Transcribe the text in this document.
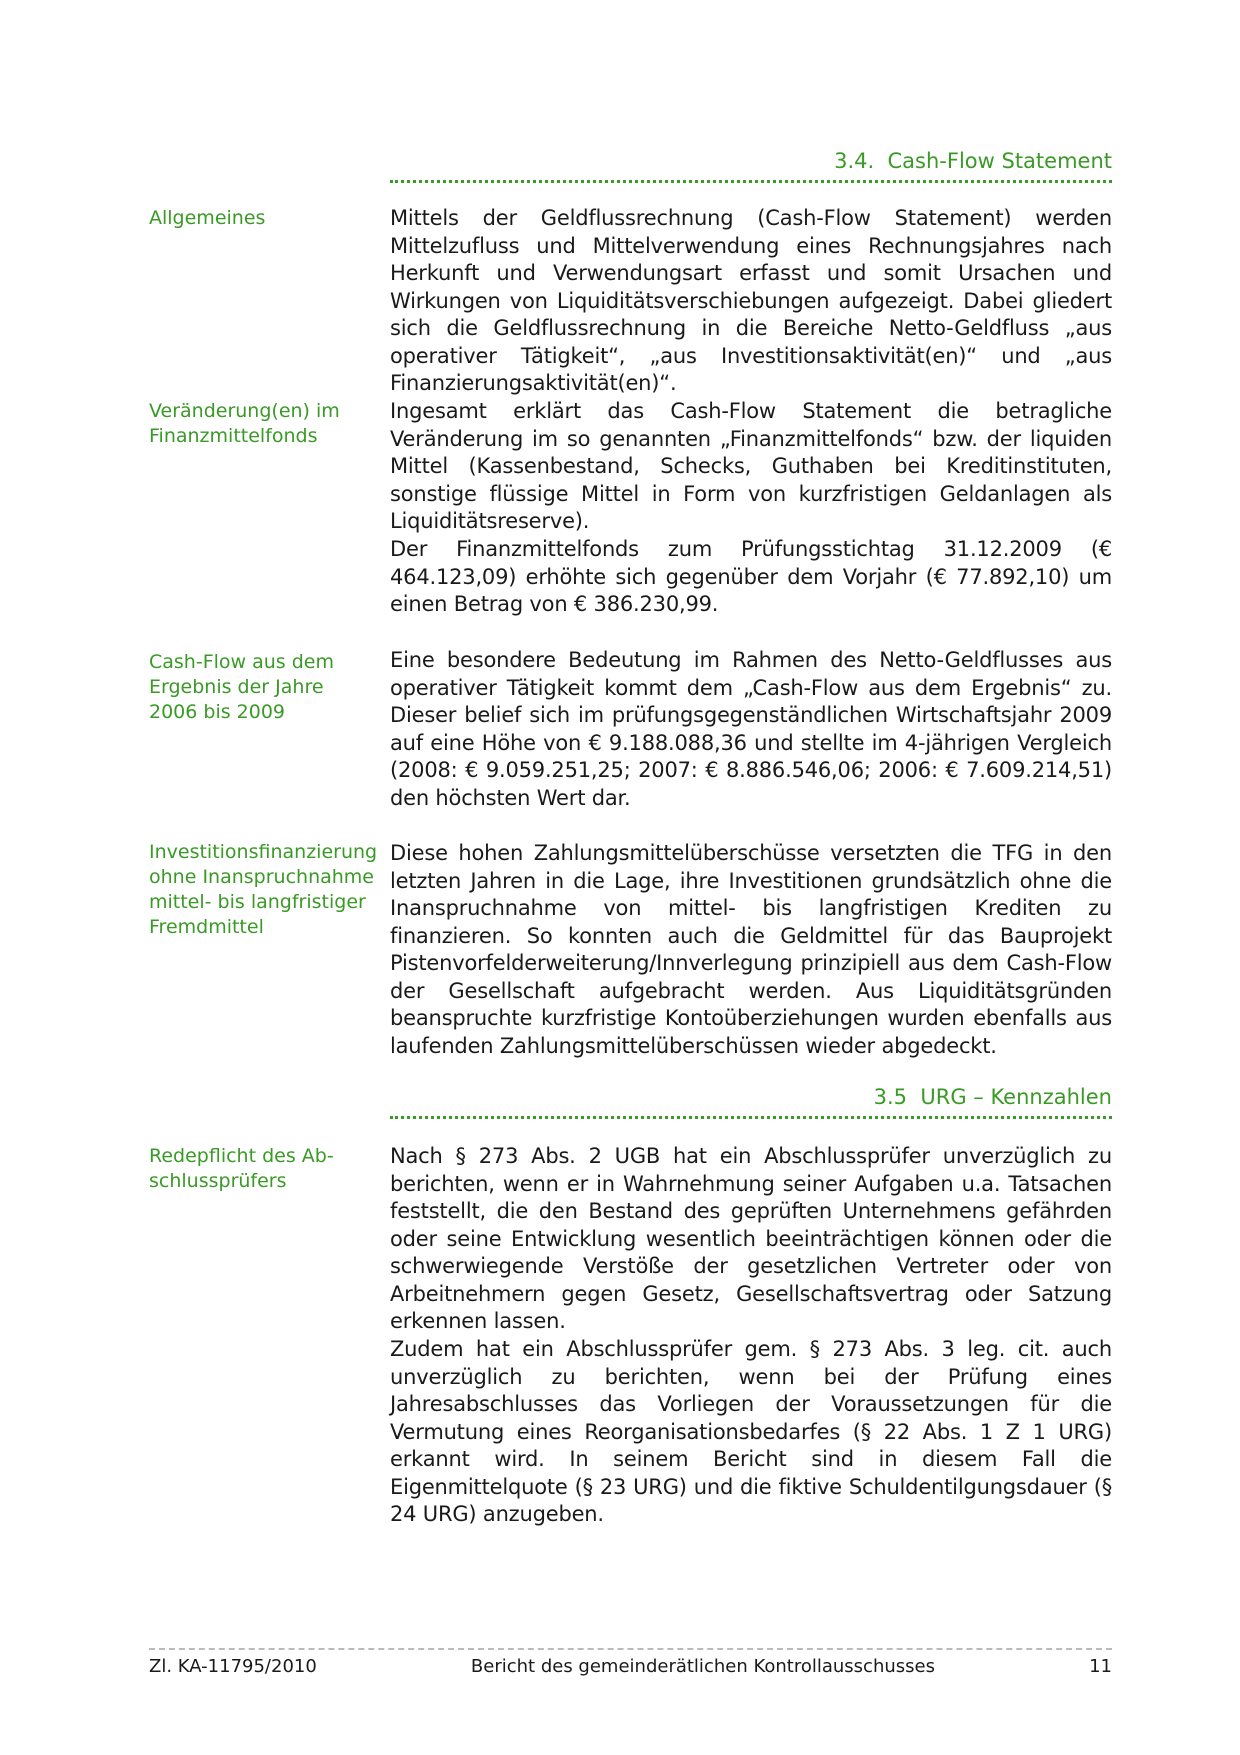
3.4. Cash-Flow Statement
Allgemeines	Mittels der Geldflussrechnung (Cash-Flow Statement) werden Mittelzufluss und Mittelverwendung eines Rechnungsjahres nach Herkunft und Verwendungsart erfasst und somit Ursachen und Wirkungen von Liquiditätsverschiebungen aufgezeigt. Dabei gliedert sich die Geldflussrechnung in die Bereiche Netto-Geldfluss „aus operativer Tätigkeit“, „aus Investitionsaktivität(en)“ und „aus Finanzierungsaktivität(en)“.

Veränderung(en) im
Finanzmittelfonds

Ingesamt erklärt das Cash-Flow Statement die betragliche Veränderung im so genannten „Finanzmittelfonds“ bzw. der liquiden Mittel (Kassenbestand, Schecks, Guthaben bei Kreditinstituten, sonstige flüssige Mittel in Form von kurzfristigen Geldanlagen als Liquiditätsreserve).

Der Finanzmittelfonds zum Prüfungsstichtag 31.12.2009 (€ 464.123,09) erhöhte sich gegenüber dem Vorjahr (€ 77.892,10) um einen Betrag von € 386.230,99.

Cash-Flow aus dem
Ergebnis der Jahre
2006 bis 2009

Eine besondere Bedeutung im Rahmen des Netto-Geldflusses aus operativer Tätigkeit kommt dem „Cash-Flow aus dem Ergebnis“ zu. Dieser belief sich im prüfungsgegenständlichen Wirtschaftsjahr 2009 auf eine Höhe von € 9.188.088,36 und stellte im 4-jährigen Vergleich (2008: € 9.059.251,25; 2007: € 8.886.546,06; 2006: € 7.609.214,51) den höchsten Wert dar.

Investitionsfinanzierung
ohne Inanspruchnahme
mittel- bis langfristiger
Fremdmittel

Diese hohen Zahlungsmittelüberschüsse versetzten die TFG in den letzten Jahren in die Lage, ihre Investitionen grundsätzlich ohne die Inanspruchnahme von mittel- bis langfristigen Krediten zu finanzieren. So konnten auch die Geldmittel für das Bauprojekt Pistenvorfelderweiterung/Innverlegung prinzipiell aus dem Cash-Flow der Gesellschaft aufgebracht werden. Aus Liquiditätsgründen beanspruchte kurzfristige Kontoüberziehungen wurden ebenfalls aus laufenden Zahlungsmittelüberschüssen wieder abgedeckt.

3.5 URG – Kennzahlen
Redepflicht des Ab-
schlussprüfers

Nach § 273 Abs. 2 UGB hat ein Abschlussprüfer unverzüglich zu berichten, wenn er in Wahrnehmung seiner Aufgaben u.a. Tatsachen feststellt, die den Bestand des geprüften Unternehmens gefährden oder seine Entwicklung wesentlich beeinträchtigen können oder die schwerwiegende Verstöße der gesetzlichen Vertreter oder von Arbeitnehmern gegen Gesetz, Gesellschaftsvertrag oder Satzung erkennen lassen.

Zudem hat ein Abschlussprüfer gem. § 273 Abs. 3 leg. cit. auch unverzüglich zu berichten, wenn bei der Prüfung eines Jahresabschlusses das Vorliegen der Voraussetzungen für die Vermutung eines Reorganisationsbedarfes (§ 22 Abs. 1 Z 1 URG) erkannt wird. In seinem Bericht sind in diesem Fall die Eigenmittelquote (§ 23 URG) und die fiktive Schuldentilgungsdauer (§ 24 URG) anzugeben.

Zl. KA-11795/2010	Bericht des gemeinderätlichen Kontrollausschusses	11
